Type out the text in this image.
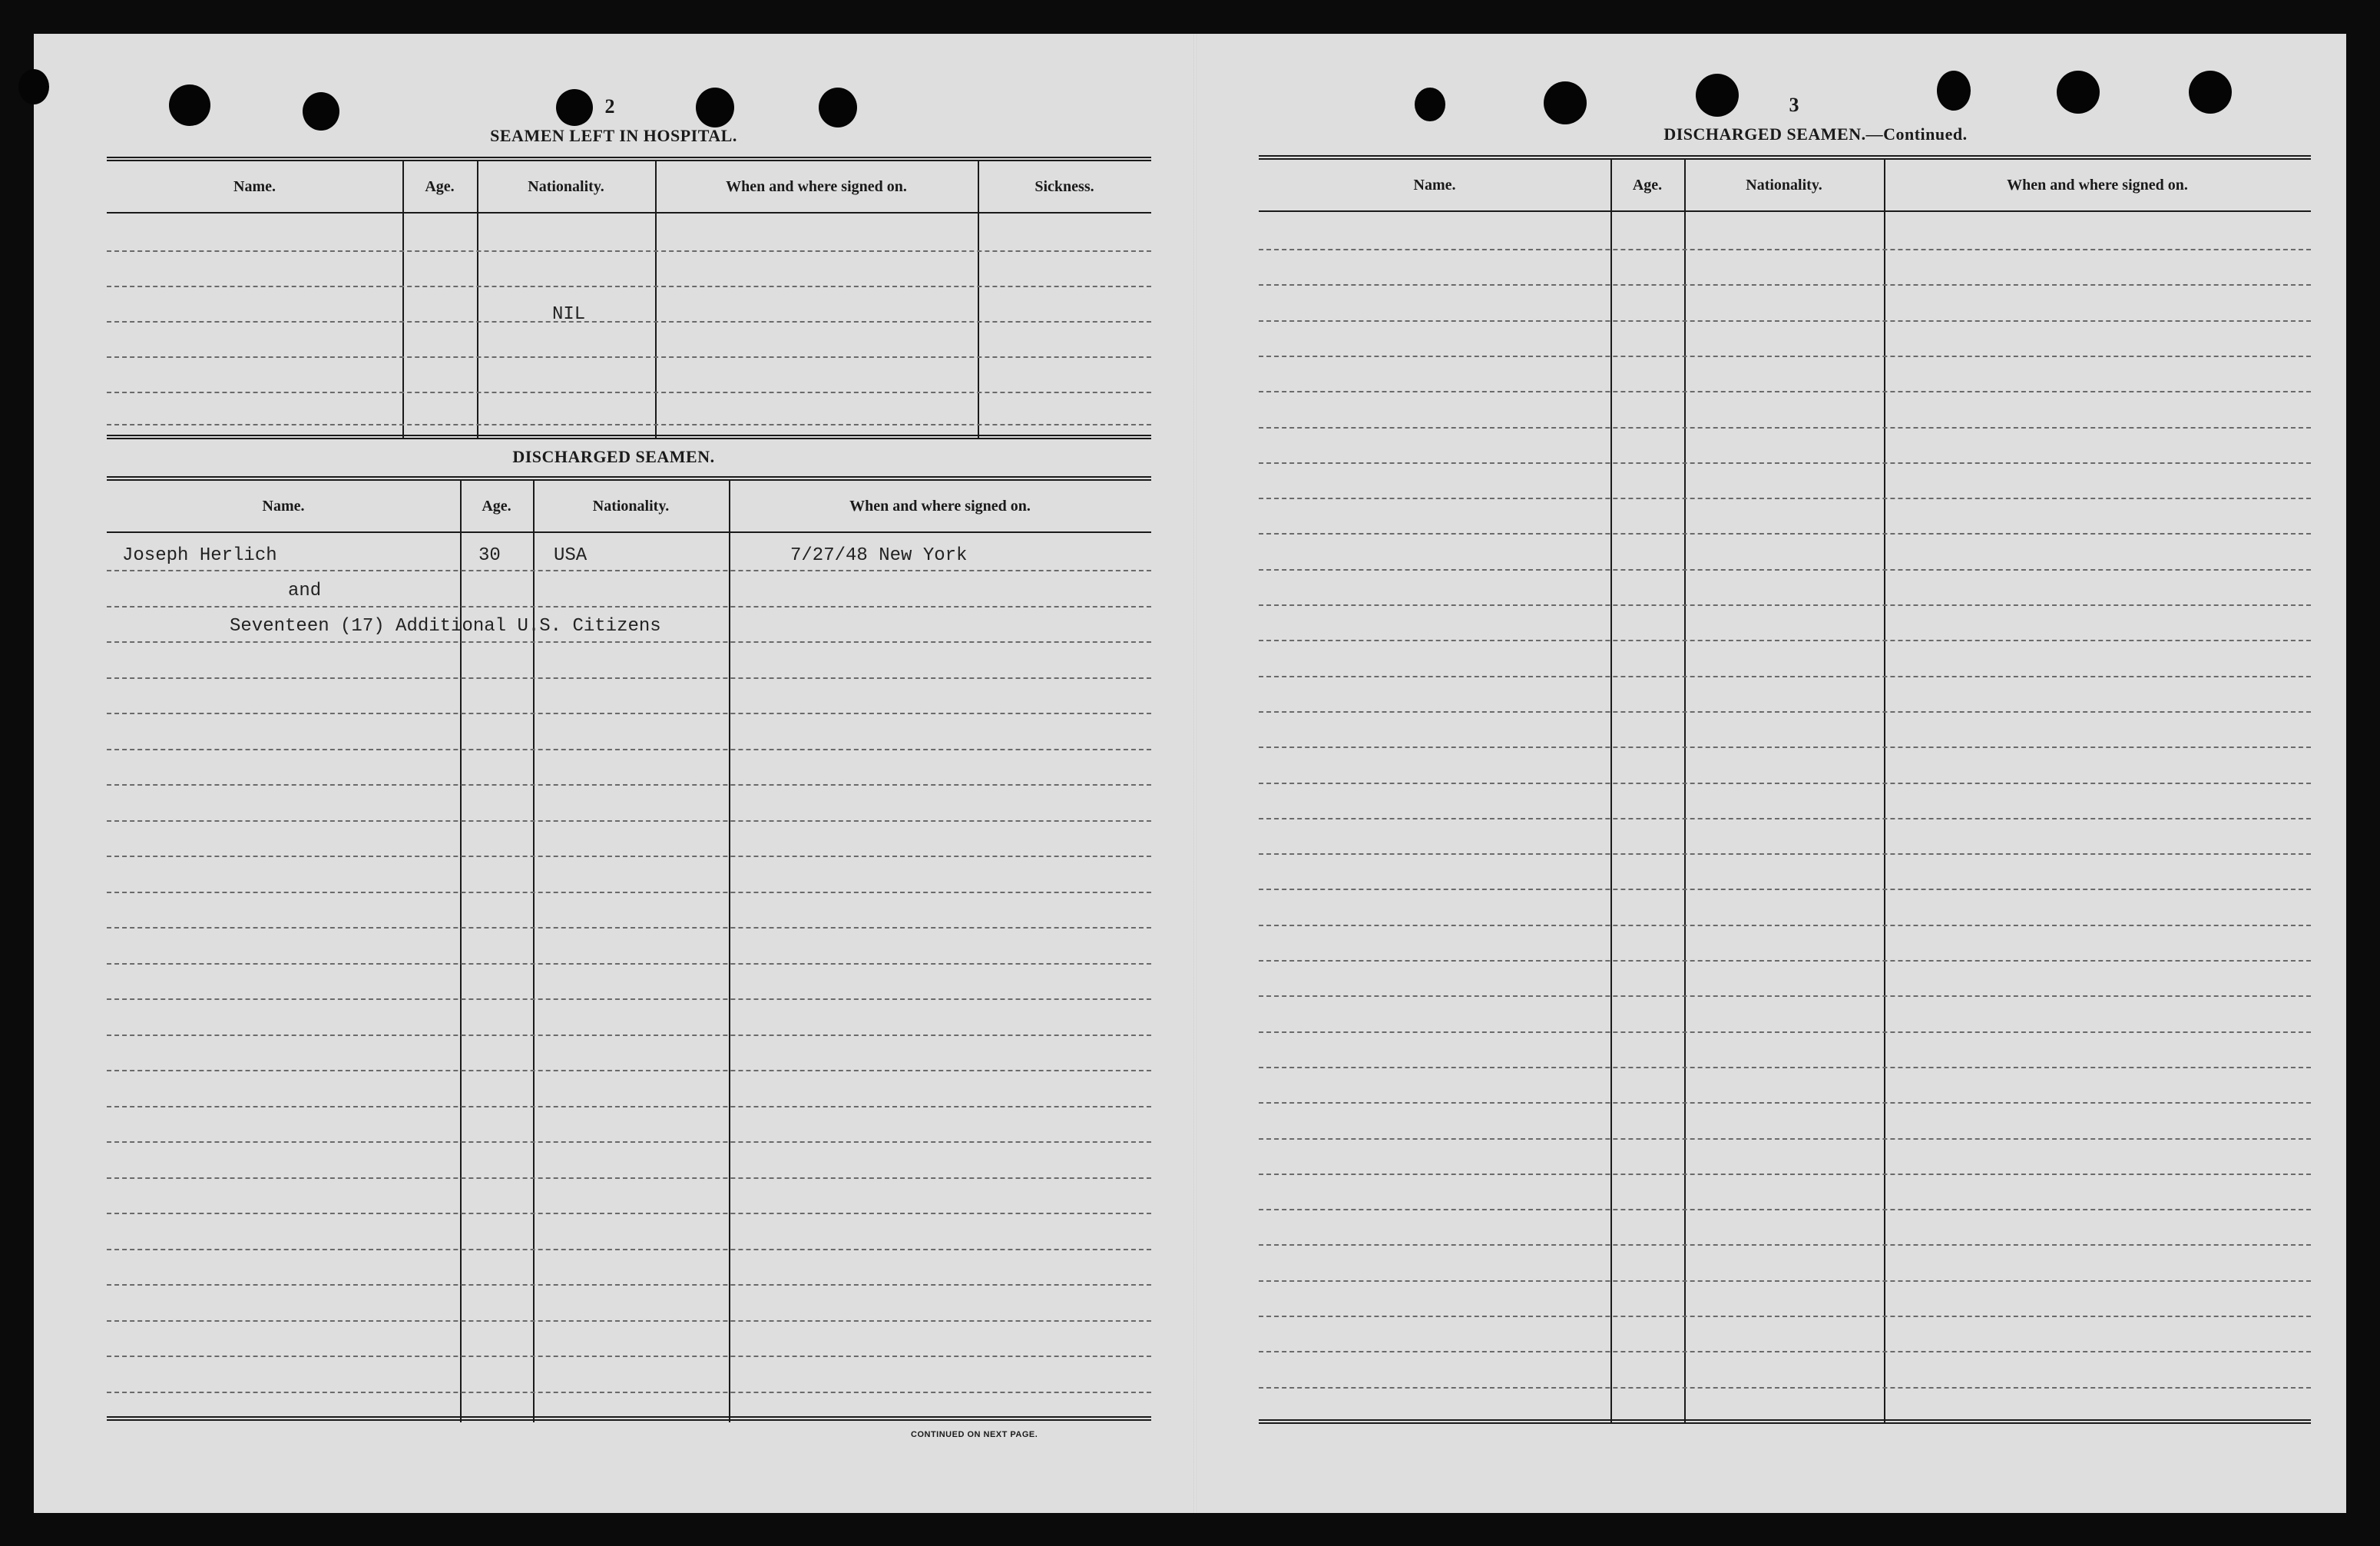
2
SEAMEN LEFT IN HOSPITAL.
Name.	Age.	Nationality.	When and where signed on.	Sickness.
NIL
DISCHARGED SEAMEN.
Name.	Age.	Nationality.	When and where signed on.
Joseph Herlich	30	USA	7/27/48 New York
and
Seventeen (17) Additional U.S. Citizens
CONTINUED ON NEXT PAGE.
3
DISCHARGED SEAMEN.—Continued.
Name.	Age.	Nationality.	When and where signed on.
